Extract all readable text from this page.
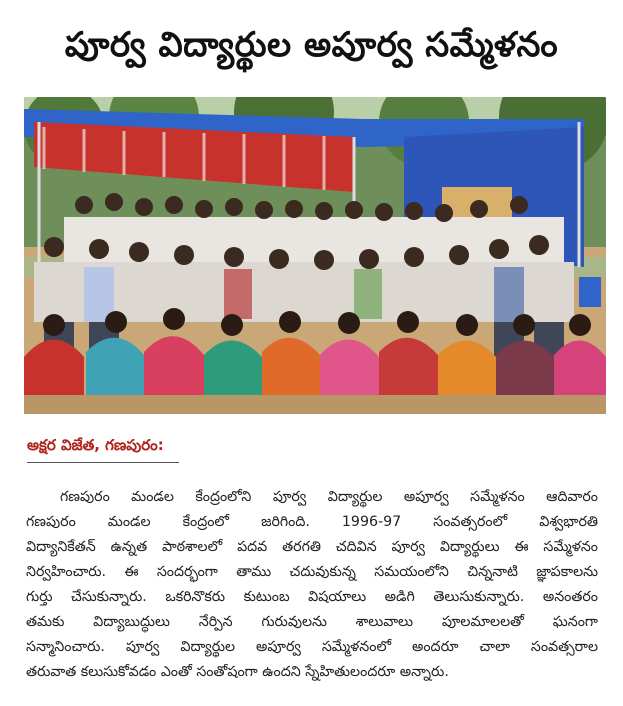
పూర్వ విద్యార్థుల అపూర్వ సమ్మేళనం
అక్షర విజేత, గణపురం:
గణపురం మండల కేంద్రంలోని పూర్వ విద్యార్థుల అపూర్వ సమ్మేళనం ఆదివారం
గణపురం మండల కేంద్రంలో జరిగింది. 1996-97 సంవత్సరంలో విశ్వభారతి
విద్యానికేతన్ ఉన్నత పాఠశాలలో పదవ తరగతి చదివిన పూర్వ విద్యార్థులు ఈ సమ్మేళనం
నిర్వహించారు. ఈ సందర్భంగా తాము చదువుకున్న సమయంలోని చిన్ననాటి జ్ఞాపకాలను
గుర్తు చేసుకున్నారు. ఒకరినొకరు కుటుంబ విషయాలు అడిగి తెలుసుకున్నారు. అనంతరం
తమకు విద్యాబుద్ధులు నేర్పిన గురువులను శాలువాలు పూలమాలలతో ఘనంగా
సన్మానించారు. పూర్వ విద్యార్థుల అపూర్వ సమ్మేళనంలో అందరూ చాలా సంవత్సరాల
తరువాత కలుసుకోవడం ఎంతో సంతోషంగా ఉందని స్నేహితులందరూ అన్నారు.
